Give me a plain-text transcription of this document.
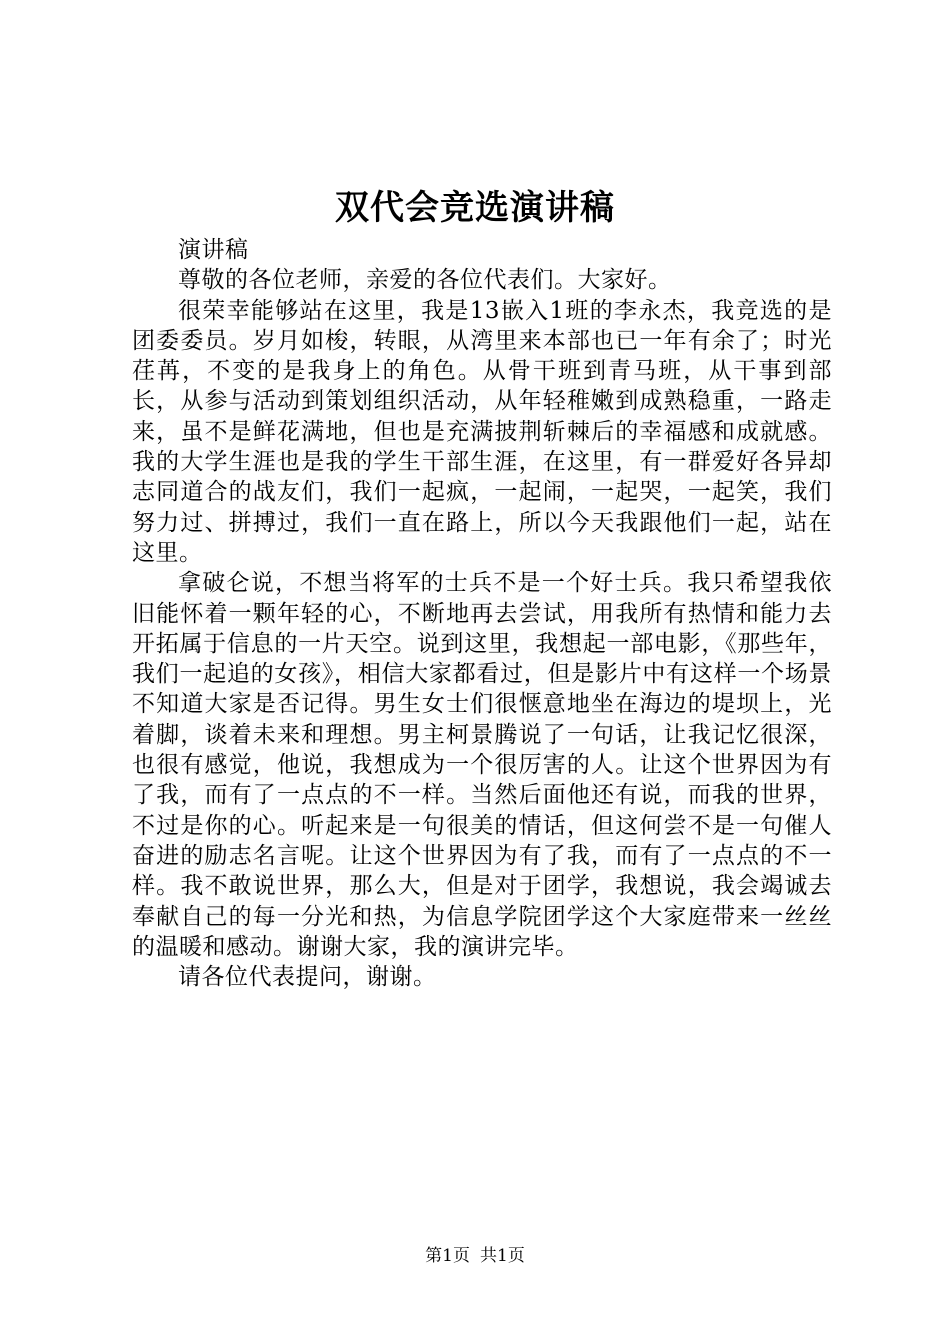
双代会竞选演讲稿

演讲稿

尊敬的各位老师，亲爱的各位代表们。大家好。

很荣幸能够站在这里，我是13嵌入1班的李永杰，我竞选的是团委委员。岁月如梭，转眼，从湾里来本部也已一年有余了；时光荏苒，不变的是我身上的角色。从骨干班到青马班，从干事到部长，从参与活动到策划组织活动，从年轻稚嫩到成熟稳重，一路走来，虽不是鲜花满地，但也是充满披荆斩棘后的幸福感和成就感。我的大学生涯也是我的学生干部生涯，在这里，有一群爱好各异却志同道合的战友们，我们一起疯，一起闹，一起哭，一起笑，我们努力过、拼搏过，我们一直在路上，所以今天我跟他们一起，站在这里。

拿破仑说，不想当将军的士兵不是一个好士兵。我只希望我依旧能怀着一颗年轻的心，不断地再去尝试，用我所有热情和能力去开拓属于信息的一片天空。说到这里，我想起一部电影，《那些年，我们一起追的女孩》，相信大家都看过，但是影片中有这样一个场景不知道大家是否记得。男生女士们很惬意地坐在海边的堤坝上，光着脚，谈着未来和理想。男主柯景腾说了一句话，让我记忆很深，也很有感觉，他说，我想成为一个很厉害的人。让这个世界因为有了我，而有了一点点的不一样。当然后面他还有说，而我的世界，不过是你的心。听起来是一句很美的情话，但这何尝不是一句催人奋进的励志名言呢。让这个世界因为有了我，而有了一点点的不一样。我不敢说世界，那么大，但是对于团学，我想说，我会竭诚去奉献自己的每一分光和热，为信息学院团学这个大家庭带来一丝丝的温暖和感动。谢谢大家，我的演讲完毕。

请各位代表提问，谢谢。

第1页 共1页
